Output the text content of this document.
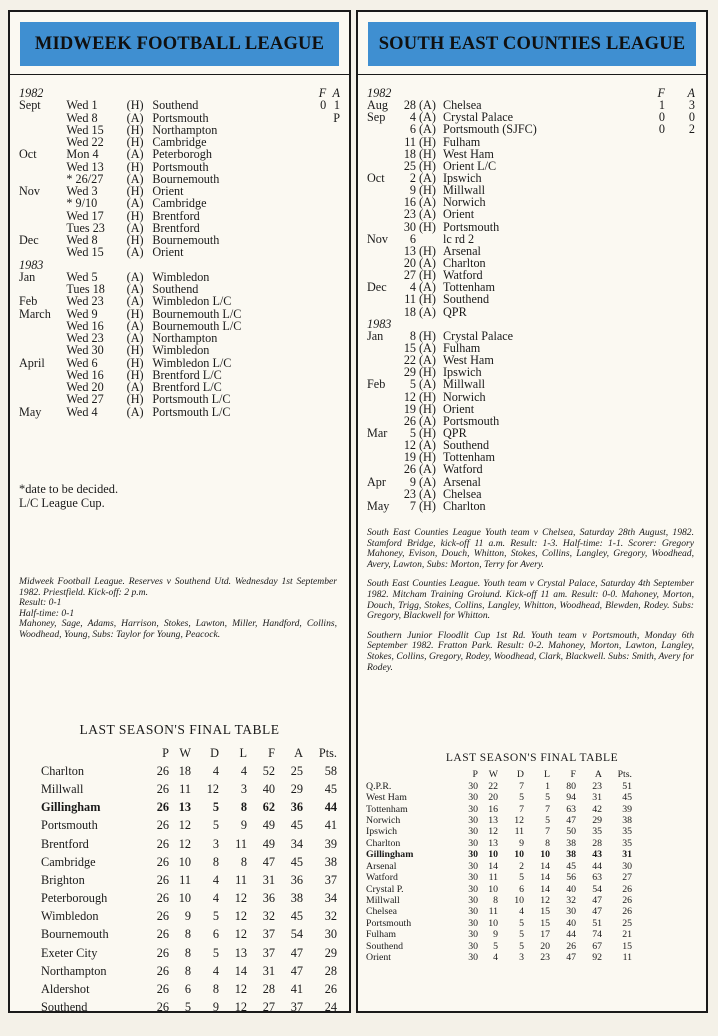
MIDWEEK FOOTBALL LEAGUE
1982	F A
Sept	Wed 1	(H) Southend	0 1
Wed 8	(A) Portsmouth	P
Wed 15	(H) Northampton
Wed 22	(H) Cambridge
Oct	Mon 4	(A) Peterborogh
Wed 13	(H) Portsmouth
* 26/27	(A) Bournemouth
Nov	Wed 3	(H) Orient
* 9/10	(A) Cambridge
Wed 17	(H) Brentford
Tues 23	(A) Brentford
Dec	Wed 8	(H) Bournemouth
Wed 15	(A) Orient
1983
Jan	Wed 5	(A) Wimbledon
Tues 18	(A) Southend
Feb	Wed 23	(A) Wimbledon L/C
March	Wed 9	(H) Bournemouth L/C
Wed 16	(A) Bournemouth L/C
Wed 23	(A) Northampton
Wed 30	(H) Wimbledon
April	Wed 6	(H) Wimbledon L/C
Wed 16	(H) Brentford L/C
Wed 20	(A) Brentford L/C
Wed 27	(H) Portsmouth L/C
May	Wed 4	(A) Portsmouth L/C
*date to be decided.
L/C League Cup.
Midweek Football League. Reserves v Southend Utd. Wednesday 1st September 1982. Priestfield. Kick-off: 2 p.m.
Result: 0-1
Half-time: 0-1
Mahoney, Sage, Adams, Harrison, Stokes, Lawton, Miller, Handford, Collins, Woodhead, Young, Subs: Taylor for Young, Peacock.
LAST SEASON'S FINAL TABLE
	P	W	D	L	F	A	Pts.
Charlton	26	18	4	4	52	25	58
Millwall	26	11	12	3	40	29	45
Gillingham	26	13	5	8	62	36	44
Portsmouth	26	12	5	9	49	45	41
Brentford	26	12	3	11	49	34	39
Cambridge	26	10	8	8	47	45	38
Brighton	26	11	4	11	31	36	37
Peterborough	26	10	4	12	36	38	34
Wimbledon	26	9	5	12	32	45	32
Bournemouth	26	8	6	12	37	54	30
Exeter City	26	8	5	13	37	47	29
Northampton	26	8	4	14	31	47	28
Aldershot	26	6	8	12	28	41	26
Southend	26	5	9	12	27	37	24
SOUTH EAST COUNTIES LEAGUE
1982	F	A
Aug	28 (A) Chelsea	1	3
Sep	4 (A) Crystal Palace	0	0
6 (A) Portsmouth (SJFC)	0	2
11 (H) Fulham
18 (H) West Ham
25 (H) Orient L/C
Oct	2 (A) Ipswich
9 (H) Millwall
16 (A) Norwich
23 (A) Orient
30 (H) Portsmouth
Nov	6 lc rd 2
13 (H) Arsenal
20 (A) Charlton
27 (H) Watford
Dec	4 (A) Tottenham
11 (H) Southend
18 (A) QPR
1983
Jan	8 (H) Crystal Palace
15 (A) Fulham
22 (A) West Ham
29 (H) Ipswich
Feb	5 (A) Millwall
12 (H) Norwich
19 (H) Orient
26 (A) Portsmouth
Mar	5 (H) QPR
12 (A) Southend
19 (H) Tottenham
26 (A) Watford
Apr	9 (A) Arsenal
23 (A) Chelsea
May	7 (H) Charlton

South East Counties League Youth team v Chelsea, Saturday 28th August, 1982. Stamford Bridge, kick-off 11 a.m. Result: 1-3. Half-time: 1-1. Scorer: Gregory Mahoney, Evison, Douch, Whitton, Stokes, Collins, Langley, Gregory, Woodhead, Avery, Lawton, Subs: Morton, Terry for Avery.

South East Counties League. Youth team v Crystal Palace, Saturday 4th September 1982. Mitcham Training Groiund. Kick-off 11 am. Result: 0-0. Mahoney, Morton, Douch, Trigg, Stokes, Collins, Langley, Whitton, Woodhead, Blewden, Rodey. Subs: Gregory, Blackwell for Whitton.

Southern Junior Floodlit Cup 1st Rd. Youth team v Portsmouth, Monday 6th September 1982. Fratton Park. Result: 0-2. Mahoney, Morton, Lawton, Langley, Stokes, Collins, Gregory, Rodey, Woodhead, Clark, Blackwell. Subs: Smith, Avery for Rodey.

LAST SEASON'S FINAL TABLE
	P	W	D	L	F	A	Pts.
Q.P.R.	30	22	7	1	80	23	51
West Ham	30	20	5	5	94	31	45
Tottenham	30	16	7	7	63	42	39
Norwich	30	13	12	5	47	29	38
Ipswich	30	12	11	7	50	35	35
Charlton	30	13	9	8	38	28	35
Gillingham	30	10	10	10	38	43	31
Arsenal	30	14	2	14	45	44	30
Watford	30	11	5	14	56	63	27
Crystal P.	30	10	6	14	40	54	26
Millwall	30	8	10	12	32	47	26
Chelsea	30	11	4	15	30	47	26
Portsmouth	30	10	5	15	40	51	25
Fulham	30	9	5	17	44	74	21
Southend	30	5	5	20	26	67	15
Orient	30	4	3	23	47	92	11
